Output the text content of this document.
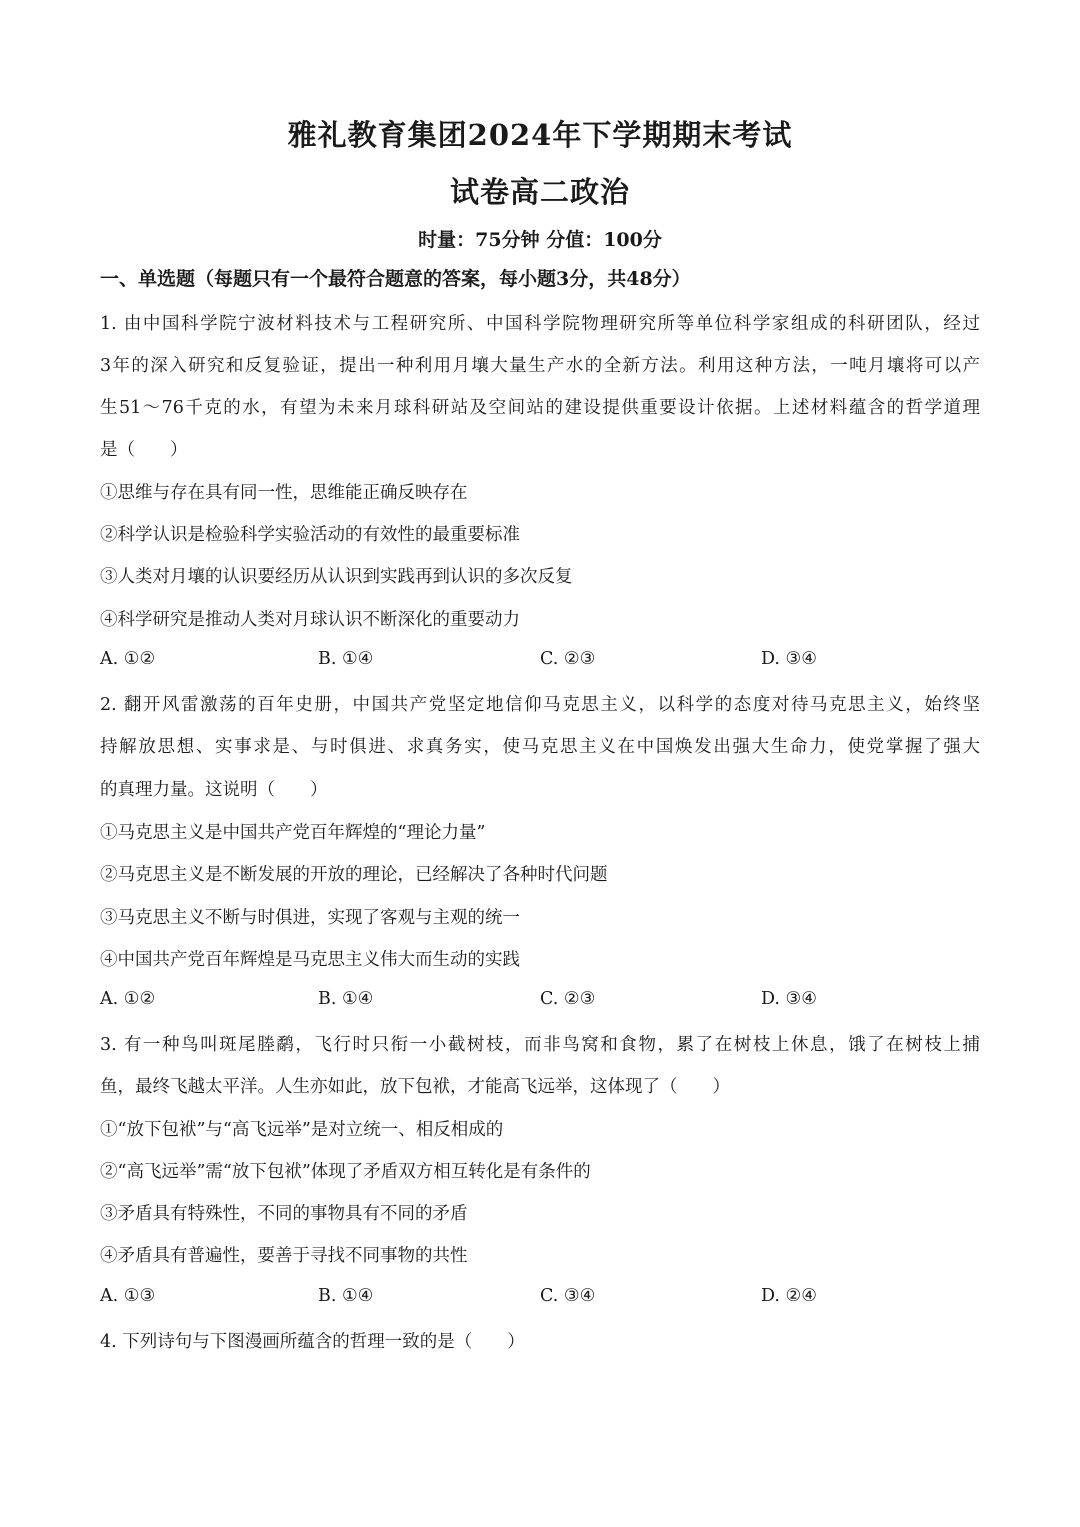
雅礼教育集团2024年下学期期末考试
试卷高二政治
时量：75分钟 分值：100分
一、单选题（每题只有一个最符合题意的答案，每小题3分，共48分）
1. 由中国科学院宁波材料技术与工程研究所、中国科学院物理研究所等单位科学家组成的科研团队，经过
3年的深入研究和反复验证，提出一种利用月壤大量生产水的全新方法。利用这种方法，一吨月壤将可以产
生51～76千克的水，有望为未来月球科研站及空间站的建设提供重要设计依据。上述材料蕴含的哲学道理
是（　　）
①思维与存在具有同一性，思维能正确反映存在
②科学认识是检验科学实验活动的有效性的最重要标准
③人类对月壤的认识要经历从认识到实践再到认识的多次反复
④科学研究是推动人类对月球认识不断深化的重要动力
A. ①②	B. ①④	C. ②③	D. ③④
2. 翻开风雷激荡的百年史册，中国共产党坚定地信仰马克思主义，以科学的态度对待马克思主义，始终坚
持解放思想、实事求是、与时俱进、求真务实，使马克思主义在中国焕发出强大生命力，使党掌握了强大
的真理力量。这说明（　　）
①马克思主义是中国共产党百年辉煌的“理论力量”
②马克思主义是不断发展的开放的理论，已经解决了各种时代问题
③马克思主义不断与时俱进，实现了客观与主观的统一
④中国共产党百年辉煌是马克思主义伟大而生动的实践
A. ①②	B. ①④	C. ②③	D. ③④
3. 有一种鸟叫斑尾塍鹬，飞行时只衔一小截树枝，而非鸟窝和食物，累了在树枝上休息，饿了在树枝上捕
鱼，最终飞越太平洋。人生亦如此，放下包袱，才能高飞远举，这体现了（　　）
①“放下包袱”与“高飞远举”是对立统一、相反相成的
②“高飞远举”需“放下包袱”体现了矛盾双方相互转化是有条件的
③矛盾具有特殊性，不同的事物具有不同的矛盾
④矛盾具有普遍性，要善于寻找不同事物的共性
A. ①③	B. ①④	C. ③④	D. ②④
4. 下列诗句与下图漫画所蕴含的哲理一致的是（　　）
